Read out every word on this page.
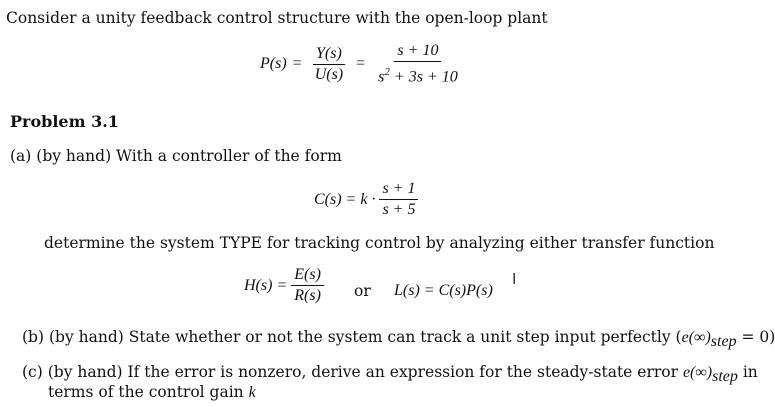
Consider a unity feedback control structure with the open-loop plant
$P(s) = \frac{Y(s)}{U(s)} = \frac{s + 10}{s^2 + 3s + 10}$
Problem 3.1
(a) (by hand) With a controller of the form
$C(s) = k \cdot \frac{s + 1}{s + 5}$
determine the system TYPE for tracking control by analyzing either transfer function
$H(s) = \frac{E(s)}{R(s)}$ or L(s) = C(s)P(s)
I
(b) (by hand) State whether or not the system can track a unit step input perfectly $(e(\infty)_{step} = 0)$
(c) (by hand) If the error is nonzero, derive an expression for the steady-state error $e(\infty)_{step}$ in
terms of the control gain k
